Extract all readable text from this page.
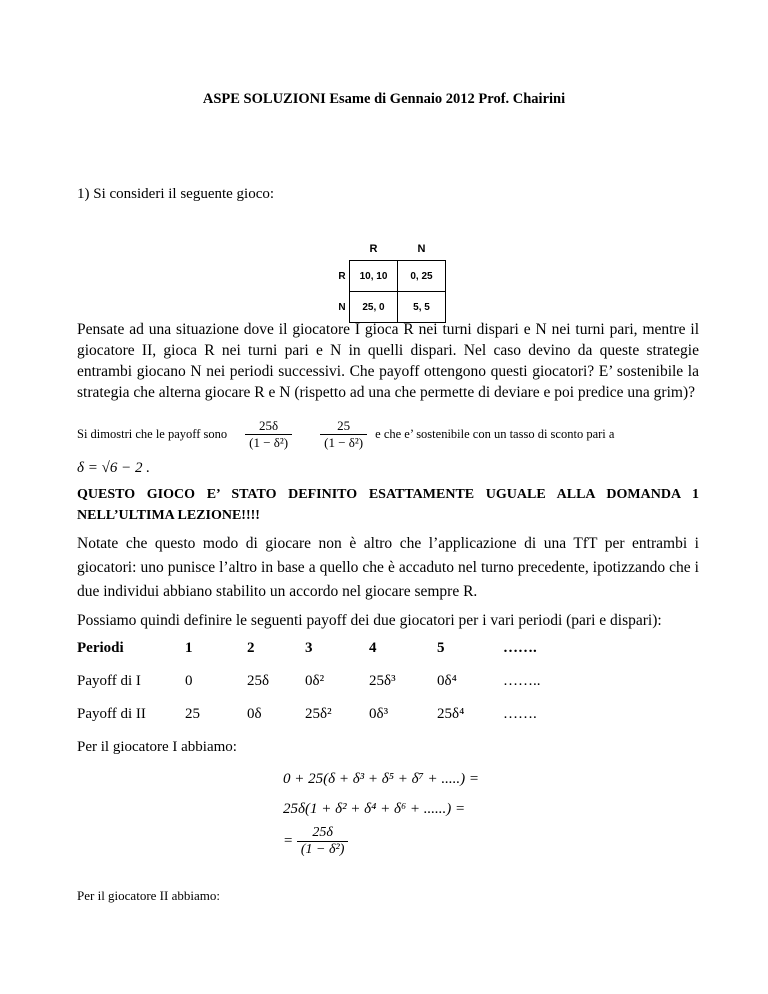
ASPE SOLUZIONI Esame di Gennaio 2012 Prof. Chairini
1) Si consideri il seguente gioco:
	R	N
R	10, 10	0, 25
N	25, 0	5, 5
Pensate ad una situazione dove il giocatore I gioca R nei turni dispari e N nei turni pari, mentre il giocatore II, gioca R nei turni pari e N in quelli dispari. Nel caso devino da queste strategie entrambi giocano N nei periodi successivi. Che payoff ottengono questi giocatori? E’ sostenibile la strategia che alterna giocare R e N (rispetto ad una che permette di deviare e poi predice una grim)?
Si dimostri che le payoff sono $\frac{25\delta}{\text{(1 − δ²)}}$
$\frac{25}{\text{(1 − δ²)}}$ e che e’ sostenibile con un tasso di sconto pari a
δ = √6 − 2 .
QUESTO GIOCO E’ STATO DEFINITO ESATTAMENTE UGUALE ALLA DOMANDA 1 NELL’ULTIMA LEZIONE!!!!
Notate che questo modo di giocare non è altro che l’applicazione di una TfT per entrambi i giocatori: uno punisce l’altro in base a quello che è accaduto nel turno precedente, ipotizzando che i due individui abbiano stabilito un accordo nel giocare sempre R.
Possiamo quindi definire le seguenti payoff dei due giocatori per i vari periodi (pari e dispari):
Periodi	1	2	3	4	5	…….
Payoff di I	0	25δ	0δ²	25δ³	0δ⁴	……..
Payoff di II	25	0δ	25δ²	0δ³	25δ⁴	…….
Per il giocatore I abbiamo:
0 + 25(δ + δ³ + δ⁵ + δ⁷ + .....) =
25δ(1 + δ² + δ⁴ + δ⁶ + ......) =
= $\frac{25\delta}{\text{(1 − δ²)}}$
Per il giocatore II abbiamo:
